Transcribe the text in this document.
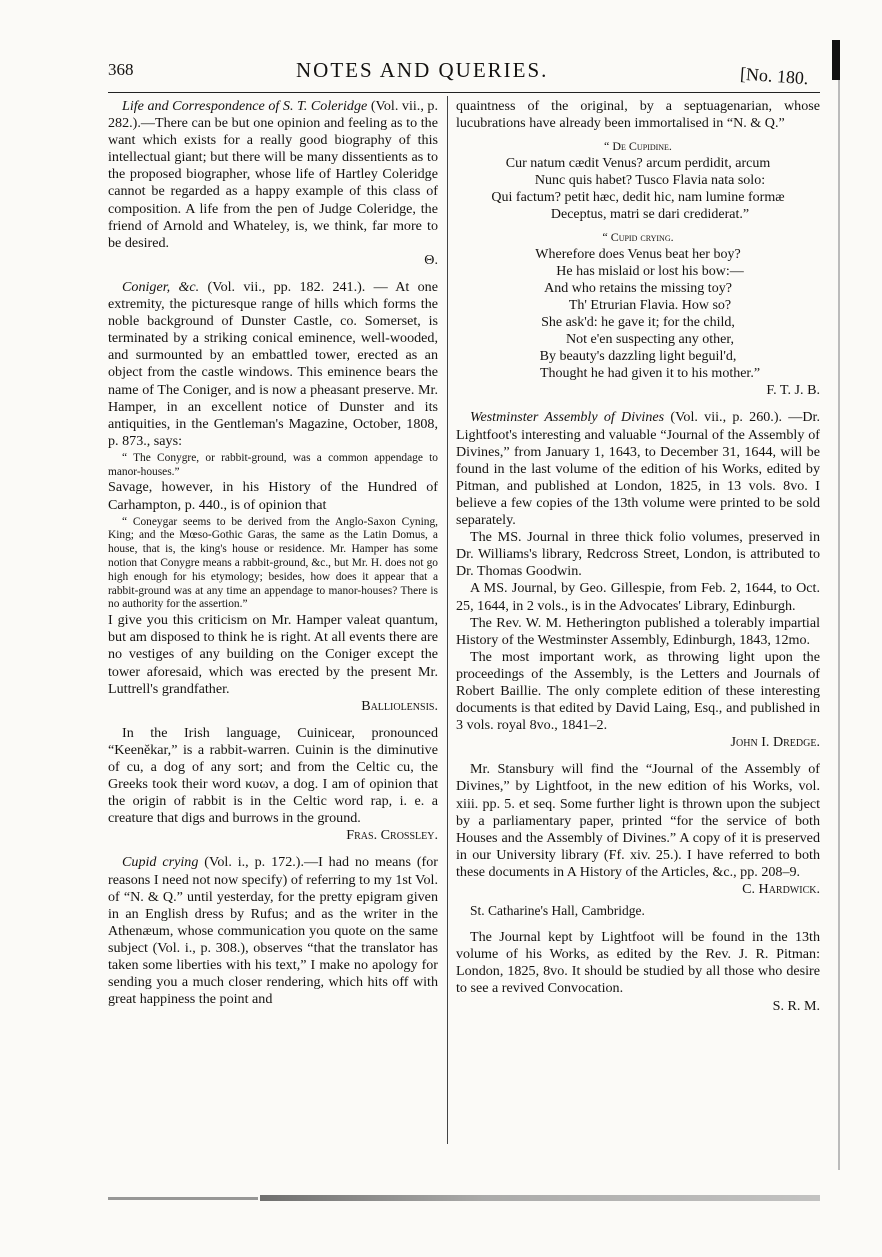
368	NOTES AND QUERIES.	[No. 180.

Life and Correspondence of S. T. Coleridge (Vol. vii., p. 282.).—There can be but one opinion and feeling as to the want which exists for a really good biography of this intellectual giant; but there will be many dissentients as to the proposed biographer, whose life of Hartley Coleridge cannot be regarded as a happy example of this class of composition. A life from the pen of Judge Coleridge, the friend of Arnold and Whateley, is, we think, far more to be desired.

Θ.

Coniger, &c. (Vol. vii., pp. 182. 241.). — At one extremity, the picturesque range of hills which forms the noble background of Dunster Castle, co. Somerset, is terminated by a striking conical eminence, well-wooded, and surmounted by an embattled tower, erected as an object from the castle windows. This eminence bears the name of The Coniger, and is now a pheasant preserve. Mr. Hamper, in an excellent notice of Dunster and its antiquities, in the Gentleman's Magazine, October, 1808, p. 873., says:

“ The Conygre, or rabbit-ground, was a common appendage to manor-houses.”

Savage, however, in his History of the Hundred of Carhampton, p. 440., is of opinion that

“ Coneygar seems to be derived from the Anglo-Saxon Cyning, King; and the Mœso-Gothic Garas, the same as the Latin Domus, a house, that is, the king's house or residence. Mr. Hamper has some notion that Conygre means a rabbit-ground, &c., but Mr. H. does not go high enough for his etymology; besides, how does it appear that a rabbit-ground was at any time an appendage to manor-houses? There is no authority for the assertion.”

I give you this criticism on Mr. Hamper valeat quantum, but am disposed to think he is right. At all events there are no vestiges of any building on the Coniger except the tower aforesaid, which was erected by the present Mr. Luttrell's grandfather.

Balliolensis.

In the Irish language, Cuinicear, pronounced “Keenĕkar,” is a rabbit-warren. Cuinin is the diminutive of cu, a dog of any sort; and from the Celtic cu, the Greeks took their word κυων, a dog. I am of opinion that the origin of rabbit is in the Celtic word rap, i. e. a creature that digs and burrows in the ground.

Fras. Crossley.

Cupid crying (Vol. i., p. 172.).—I had no means (for reasons I need not now specify) of referring to my 1st Vol. of “N. & Q.” until yesterday, for the pretty epigram given in an English dress by Rufus; and as the writer in the Athenæum, whose communication you quote on the same subject (Vol. i., p. 308.), observes “that the translator has taken some liberties with his text,” I make no apology for sending you a much closer rendering, which hits off with great happiness the point and

quaintness of the original, by a septuagenarian, whose lucubrations have already been immortalised in “N. & Q.”

“ De Cupidine.
Cur natum cædit Venus? arcum perdidit, arcum
Nunc quis habet? Tusco Flavia nata solo:
Qui factum? petit hæc, dedit hic, nam lumine formæ
Deceptus, matri se dari crediderat.”
“ Cupid crying.
Wherefore does Venus beat her boy?
He has mislaid or lost his bow:—
And who retains the missing toy?
Th' Etrurian Flavia. How so?
She ask'd: he gave it; for the child,
Not e'en suspecting any other,
By beauty's dazzling light beguil'd,
Thought he had given it to his mother.”
F. T. J. B.

Westminster Assembly of Divines (Vol. vii., p. 260.). —Dr. Lightfoot's interesting and valuable “Journal of the Assembly of Divines,” from January 1, 1643, to December 31, 1644, will be found in the last volume of the edition of his Works, edited by Pitman, and published at London, 1825, in 13 vols. 8vo. I believe a few copies of the 13th volume were printed to be sold separately.

The MS. Journal in three thick folio volumes, preserved in Dr. Williams's library, Redcross Street, London, is attributed to Dr. Thomas Goodwin.

A MS. Journal, by Geo. Gillespie, from Feb. 2, 1644, to Oct. 25, 1644, in 2 vols., is in the Advocates' Library, Edinburgh.

The Rev. W. M. Hetherington published a tolerably impartial History of the Westminster Assembly, Edinburgh, 1843, 12mo.

The most important work, as throwing light upon the proceedings of the Assembly, is the Letters and Journals of Robert Baillie. The only complete edition of these interesting documents is that edited by David Laing, Esq., and published in 3 vols. royal 8vo., 1841–2.

John I. Dredge.

Mr. Stansbury will find the “Journal of the Assembly of Divines,” by Lightfoot, in the new edition of his Works, vol. xiii. pp. 5. et seq. Some further light is thrown upon the subject by a parliamentary paper, printed “for the service of both Houses and the Assembly of Divines.” A copy of it is preserved in our University library (Ff. xiv. 25.). I have referred to both these documents in A History of the Articles, &c., pp. 208–9.

C. Hardwick.
St. Catharine's Hall, Cambridge.

The Journal kept by Lightfoot will be found in the 13th volume of his Works, as edited by the Rev. J. R. Pitman: London, 1825, 8vo. It should be studied by all those who desire to see a revived Convocation.

S. R. M.
